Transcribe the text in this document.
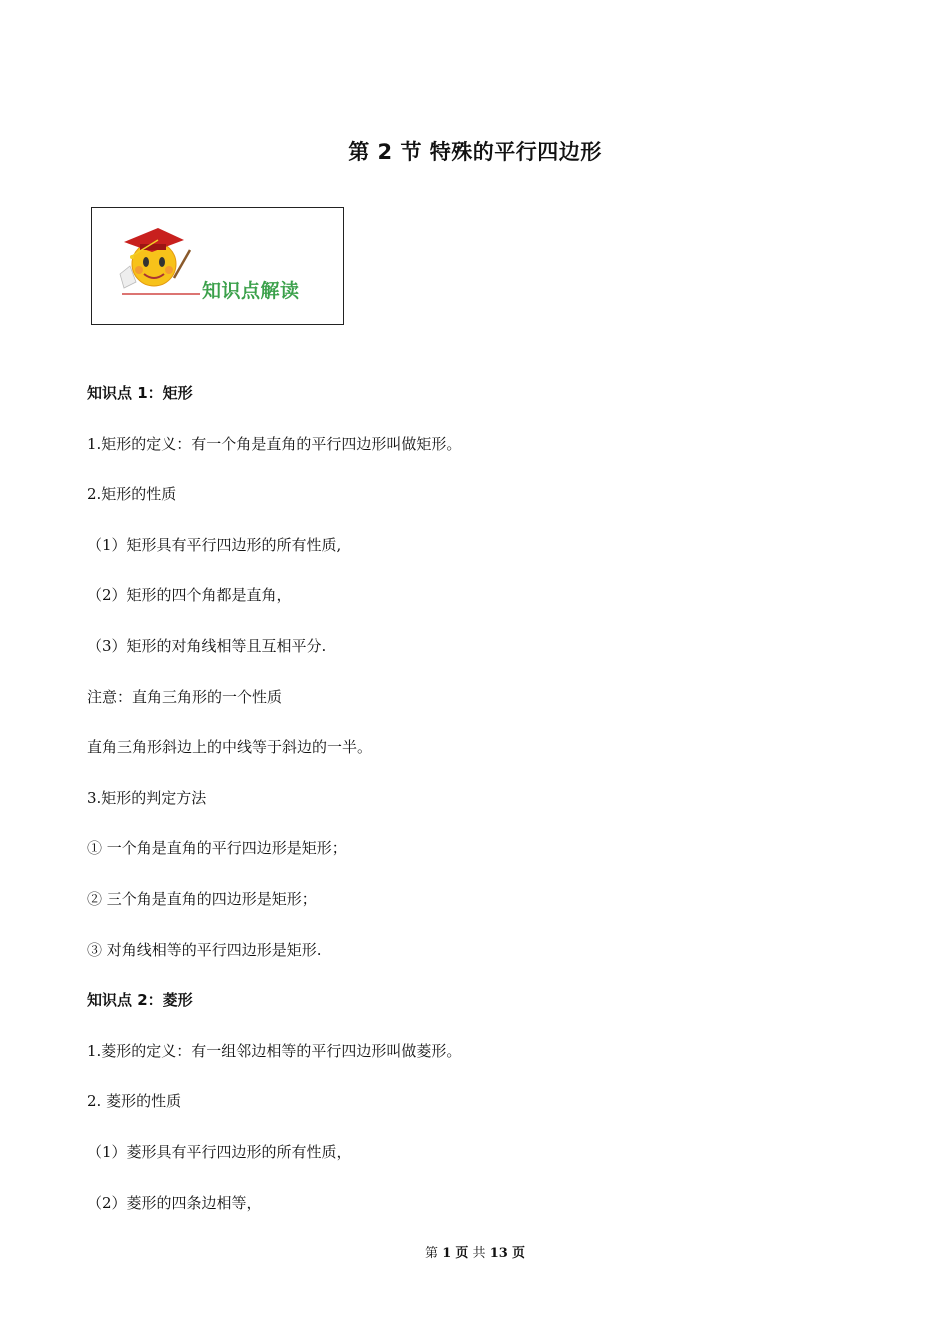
第 2 节 特殊的平行四边形
知识点解读
知识点 1：矩形
1.矩形的定义：有一个角是直角的平行四边形叫做矩形。
2.矩形的性质
（1）矩形具有平行四边形的所有性质,
（2）矩形的四个角都是直角，
（3）矩形的对角线相等且互相平分.
注意：直角三角形的一个性质
直角三角形斜边上的中线等于斜边的一半。
3.矩形的判定方法
① 一个角是直角的平行四边形是矩形；
② 三个角是直角的四边形是矩形；
③ 对角线相等的平行四边形是矩形.
知识点 2：菱形
1.菱形的定义：有一组邻边相等的平行四边形叫做菱形。
2. 菱形的性质
（1）菱形具有平行四边形的所有性质，
（2）菱形的四条边相等，
第 1 页 共 13 页
